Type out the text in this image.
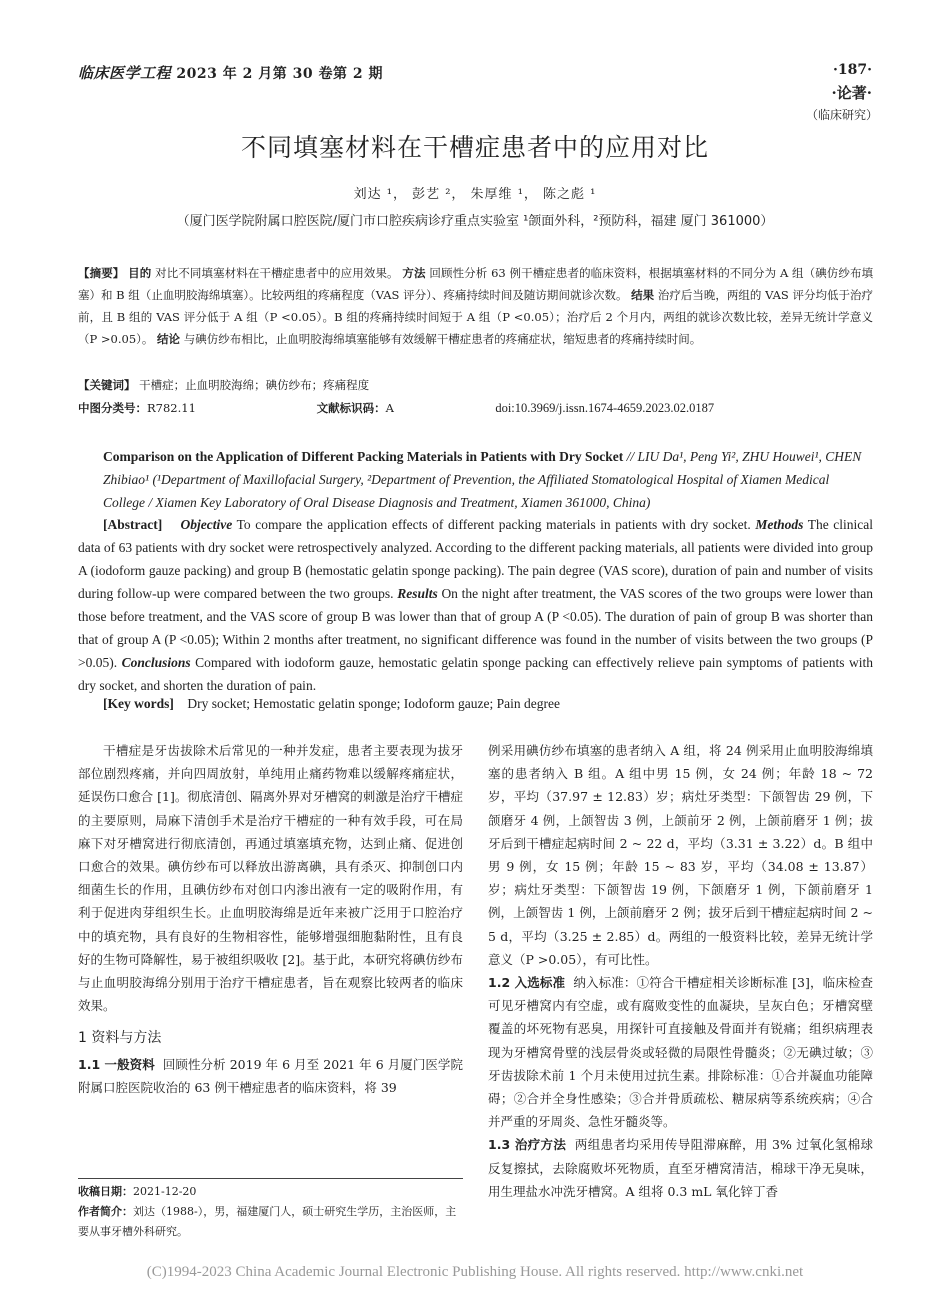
临床医学工程 2023 年 2 月第 30 卷第 2 期	·187·
·论著·
（临床研究）
不同填塞材料在干槽症患者中的应用对比
刘达 ¹， 彭艺 ²， 朱厚维 ¹， 陈之彪 ¹
（厦门医学院附属口腔医院/厦门市口腔疾病诊疗重点实验室 ¹颌面外科，²预防科，福建 厦门 361000）
【摘要】 目的 对比不同填塞材料在干槽症患者中的应用效果。 方法 回顾性分析 63 例干槽症患者的临床资料，根据填塞材料的不同分为 A 组（碘仿纱布填塞）和 B 组（止血明胶海绵填塞）。比较两组的疼痛程度（VAS 评分）、疼痛持续时间及随访期间就诊次数。 结果 治疗后当晚，两组的 VAS 评分均低于治疗前，且 B 组的 VAS 评分低于 A 组（P <0.05）。B 组的疼痛持续时间短于 A 组（P <0.05）；治疗后 2 个月内，两组的就诊次数比较，差异无统计学意义（P >0.05）。 结论 与碘仿纱布相比，止血明胶海绵填塞能够有效缓解干槽症患者的疼痛症状，缩短患者的疼痛持续时间。
【关键词】 干槽症；止血明胶海绵；碘仿纱布；疼痛程度
中图分类号：R782.11	文献标识码：A	doi:10.3969/j.issn.1674-4659.2023.02.0187
Comparison on the Application of Different Packing Materials in Patients with Dry Socket // LIU Da¹, Peng Yi², ZHU Houwei¹, CHEN Zhibiao¹ (¹Department of Maxillofacial Surgery, ²Department of Prevention, the Affiliated Stomatological Hospital of Xiamen Medical College / Xiamen Key Laboratory of Oral Disease Diagnosis and Treatment, Xiamen 361000, China)
[Abstract] Objective To compare the application effects of different packing materials in patients with dry socket. Methods The clinical data of 63 patients with dry socket were retrospectively analyzed. According to the different packing materials, all patients were divided into group A (iodoform gauze packing) and group B (hemostatic gelatin sponge packing). The pain degree (VAS score), duration of pain and number of visits during follow-up were compared between the two groups. Results On the night after treatment, the VAS scores of the two groups were lower than those before treatment, and the VAS score of group B was lower than that of group A (P <0.05). The duration of pain of group B was shorter than that of group A (P <0.05); Within 2 months after treatment, no significant difference was found in the number of visits between the two groups (P >0.05). Conclusions Compared with iodoform gauze, hemostatic gelatin sponge packing can effectively relieve pain symptoms of patients with dry socket, and shorten the duration of pain.
[Key words] Dry socket; Hemostatic gelatin sponge; Iodoform gauze; Pain degree

干槽症是牙齿拔除术后常见的一种并发症，患者主要表现为拔牙部位剧烈疼痛，并向四周放射，单纯用止痛药物难以缓解疼痛症状，延误伤口愈合 [1]。彻底清创、隔离外界对牙槽窝的刺激是治疗干槽症的主要原则，局麻下清创手术是治疗干槽症的一种有效手段，可在局麻下对牙槽窝进行彻底清创，再通过填塞填充物，达到止痛、促进创口愈合的效果。碘仿纱布可以释放出游离碘，具有杀灭、抑制创口内细菌生长的作用，且碘仿纱布对创口内渗出液有一定的吸附作用，有利于促进肉芽组织生长。止血明胶海绵是近年来被广泛用于口腔治疗中的填充物，具有良好的生物相容性，能够增强细胞黏附性，且有良好的生物可降解性，易于被组织吸收 [2]。基于此，本研究将碘仿纱布与止血明胶海绵分别用于治疗干槽症患者，旨在观察比较两者的临床效果。

1 资料与方法

1.1 一般资料 回顾性分析 2019 年 6 月至 2021 年 6 月厦门医学院附属口腔医院收治的 63 例干槽症患者的临床资料，将 39

例采用碘仿纱布填塞的患者纳入 A 组，将 24 例采用止血明胶海绵填塞的患者纳入 B 组。A 组中男 15 例，女 24 例；年龄 18 ~ 72 岁，平均（37.97 ± 12.83）岁；病灶牙类型：下颌智齿 29 例，下颌磨牙 4 例，上颌智齿 3 例，上颌前牙 2 例，上颌前磨牙 1 例；拔牙后到干槽症起病时间 2 ~ 22 d，平均（3.31 ± 3.22）d。B 组中男 9 例，女 15 例；年龄 15 ~ 83 岁，平均（34.08 ± 13.87）岁；病灶牙类型：下颌智齿 19 例，下颌磨牙 1 例，下颌前磨牙 1 例，上颌智齿 1 例，上颌前磨牙 2 例；拔牙后到干槽症起病时间 2 ~ 5 d，平均（3.25 ± 2.85）d。两组的一般资料比较，差异无统计学意义（P >0.05），有可比性。

1.2 入选标准 纳入标准：①符合干槽症相关诊断标准 [3]，临床检查可见牙槽窝内有空虚，或有腐败变性的血凝块，呈灰白色；牙槽窝壁覆盖的坏死物有恶臭，用探针可直接触及骨面并有锐痛；组织病理表现为牙槽窝骨壁的浅层骨炎或轻微的局限性骨髓炎；②无碘过敏；③牙齿拔除术前 1 个月未使用过抗生素。排除标准：①合并凝血功能障碍；②合并全身性感染；③合并骨质疏松、糖尿病等系统疾病；④合并严重的牙周炎、急性牙髓炎等。

1.3 治疗方法 两组患者均采用传导阻滞麻醉，用 3% 过氧化氢棉球反复擦拭，去除腐败坏死物质，直至牙槽窝清洁，棉球干净无臭味，用生理盐水冲洗牙槽窝。A 组将 0.3 mL 氧化锌丁香

收稿日期：2021-12-20
作者简介：刘达（1988-），男，福建厦门人，硕士研究生学历，主治医师，主要从事牙槽外科研究。
(C)1994-2023 China Academic Journal Electronic Publishing House. All rights reserved. http://www.cnki.net
